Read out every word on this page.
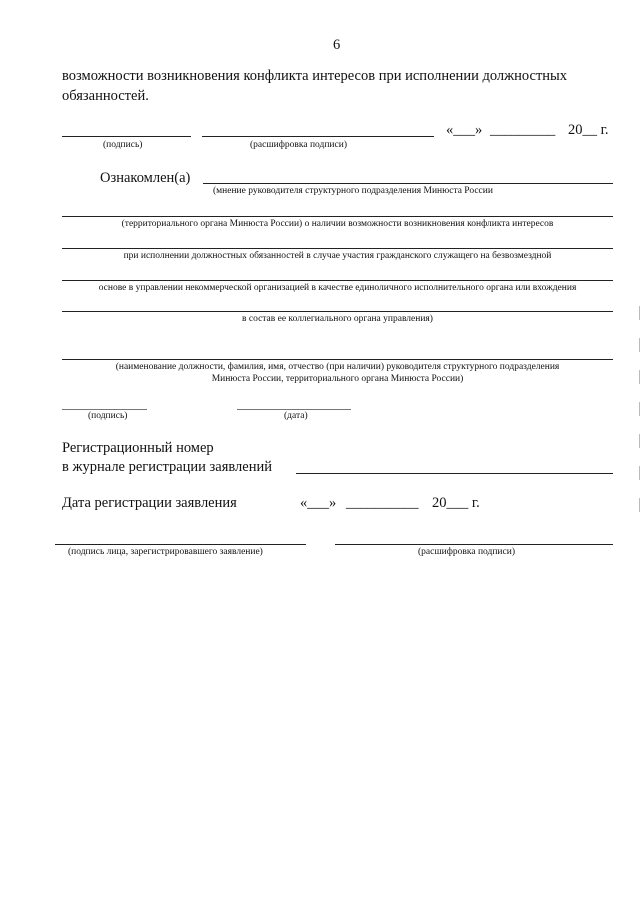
6
возможности возникновения конфликта интересов при исполнении должностных
обязанностей.
«___» _________ 20__ г.
(подпись)	(расшифровка подписи)
Ознакомлен(а)
(мнение руководителя структурного подразделения Минюста России
(территориального органа Минюста России) о наличии возможности возникновения конфликта интересов
при исполнении должностных обязанностей в случае участия гражданского служащего на безвозмездной
основе в управлении некоммерческой организацией в качестве единоличного исполнительного органа или вхождения
в состав ее коллегиального органа управления)
(наименование должности, фамилия, имя, отчество (при наличии) руководителя структурного подразделения
Минюста России, территориального органа Минюста России)
(подпись)	(дата)
Регистрационный номер
в журнале регистрации заявлений
Дата регистрации заявления	«___» __________ 20___ г.
(подпись лица, зарегистрировавшего заявление)	(расшифровка подписи)
